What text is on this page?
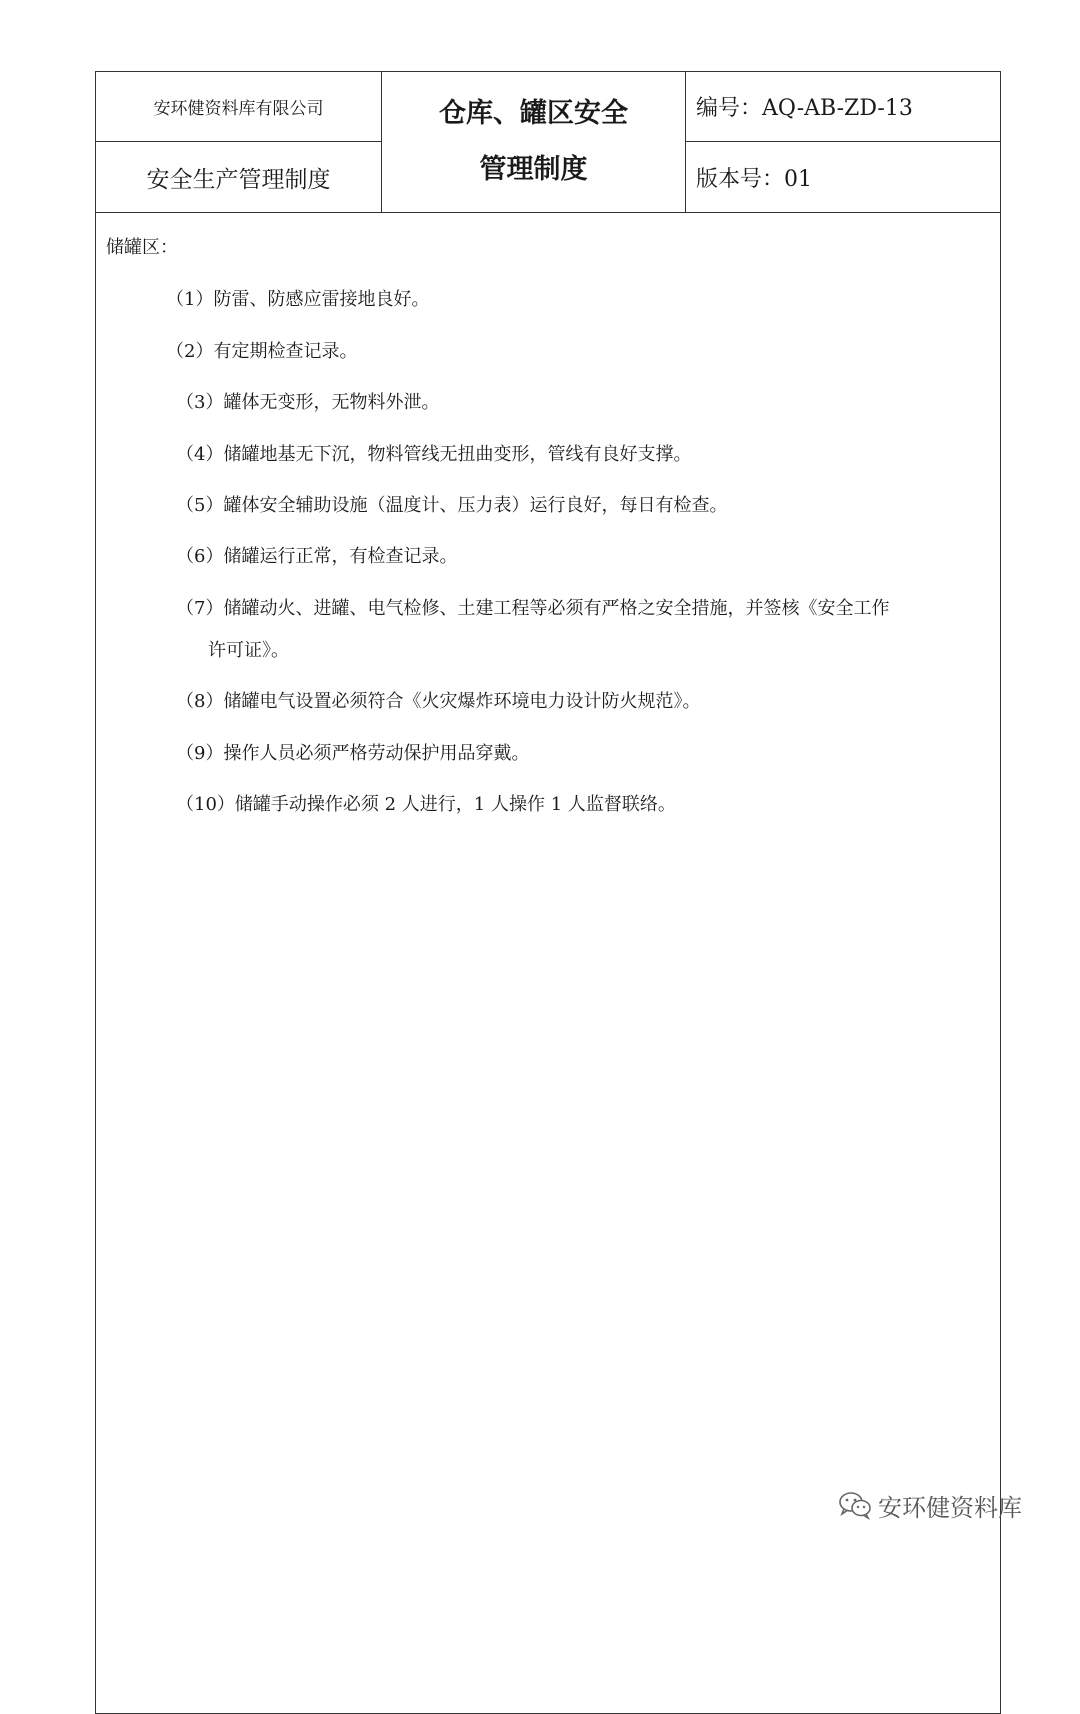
安环健资料库有限公司
安全生产管理制度
仓库、罐区安全
管理制度
编号：AQ-AB-ZD-13
版本号：01
储罐区：
（1）防雷、防感应雷接地良好。
（2）有定期检查记录。
（3）罐体无变形，无物料外泄。
（4）储罐地基无下沉，物料管线无扭曲变形，管线有良好支撑。
（5）罐体安全辅助设施（温度计、压力表）运行良好，每日有检查。
（6）储罐运行正常，有检查记录。
（7）储罐动火、进罐、电气检修、土建工程等必须有严格之安全措施，并签核《安全工作
许可证》。
（8）储罐电气设置必须符合《火灾爆炸环境电力设计防火规范》。
（9）操作人员必须严格劳动保护用品穿戴。
（10）储罐手动操作必须 2 人进行，1 人操作 1 人监督联络。
安环健资料库
